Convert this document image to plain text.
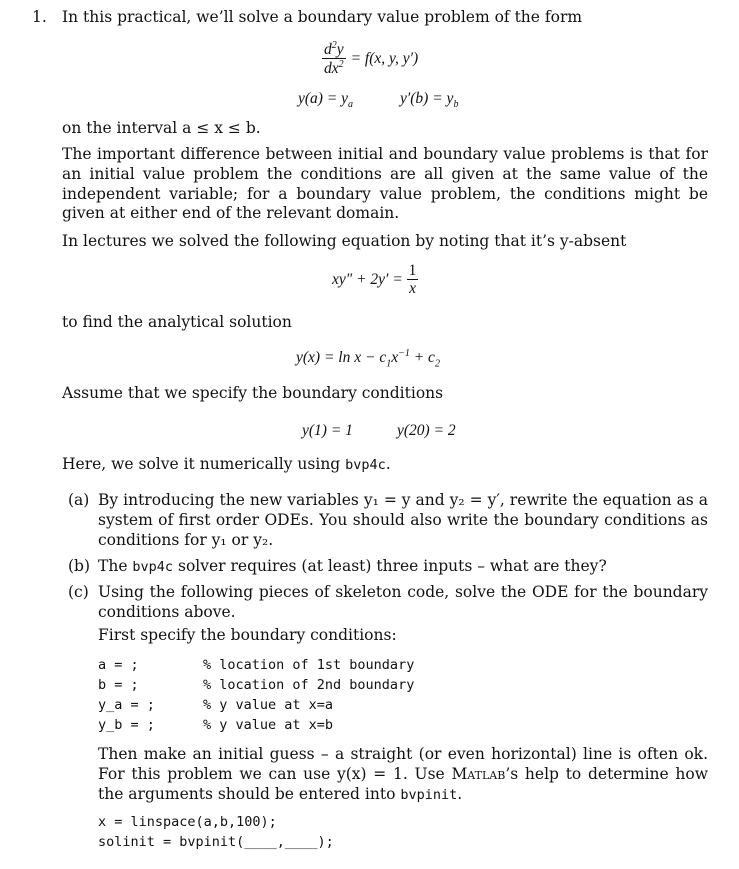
1. In this practical, we’ll solve a boundary value problem of the form
$\frac{d^2y}{dx^2} = f(x$, y, y′)
$y(a) = y_a$	$y'(b) = y_b$
on the interval a ≤ x ≤ b.
The important difference between initial and boundary value problems is that for an initial value problem the conditions are all given at the same value of the independent variable; for a boundary value problem, the conditions might be given at either end of the relevant domain.
In lectures we solved the following equation by noting that it’s y-absent
$xy'' + 2y' = \frac{1}{x}$
to find the analytical solution
$y(x) = \ln x - c_1x^{-1} + c_2$
Assume that we specify the boundary conditions
y(1) = 1	y(20) = 2
Here, we solve it numerically using bvp4c.
(a) By introducing the new variables y₁ = y and y₂ = y′, rewrite the equation as a system of first order ODEs. You should also write the boundary conditions as conditions for y₁ or y₂.
(b) The bvp4c solver requires (at least) three inputs – what are they?
(c) Using the following pieces of skeleton code, solve the ODE for the boundary conditions above.
First specify the boundary conditions:
a = ;	% location of 1st boundary
b = ;	% location of 2nd boundary
y_a = ;	% y value at x=a
y_b = ;	% y value at x=b
Then make an initial guess – a straight (or even horizontal) line is often ok. For this problem we can use y(x) = 1. Use Matlab’s help to determine how the arguments should be entered into bvpinit.
x = linspace(a,b,100);
solinit = bvpinit(____,____);
